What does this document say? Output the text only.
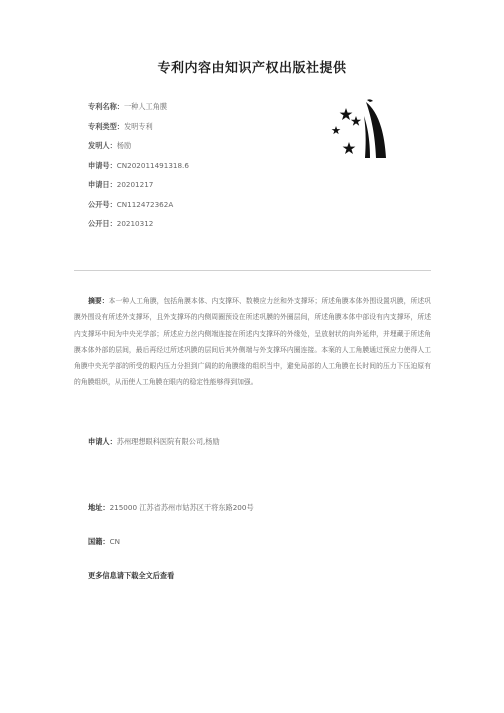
专利内容由知识产权出版社提供
专利名称：一种人工角膜
专利类型：发明专利
发明人：杨励
申请号：CN202011491318.6
申请日：20201217
公开号：CN112472362A
公开日：20210312
摘要：本一种人工角膜，包括角膜本体、内支撑环、数模应力丝和外支撑环；所述角膜本体外围设置巩膜，所述巩膜外围设有所述外支撑环，且外支撑环的内侧周圈预设在所述巩膜的外圈层间，所述角膜本体中部设有内支撑环，所述内支撑环中间为中央光学部；所述应力丝内侧端连接在所述内支撑环的外缘处，呈放射状的向外延伸，并埋藏于所述角膜本体外部的层间，最后再经过所述巩膜的层间后其外侧端与外支撑环内圈连接。本案的人工角膜通过预应力使得人工角膜中央光学部的所受的眼内压力分担到广阔的的角膜缘的组织当中，避免局部的人工角膜在长时间的压力下压迫原有的角膜组织，从而使人工角膜在眼内的稳定性能够得到加强。
申请人：苏州理想眼科医院有限公司,杨励
地址：215000 江苏省苏州市姑苏区干将东路200号
国籍：CN
更多信息请下载全文后查看
